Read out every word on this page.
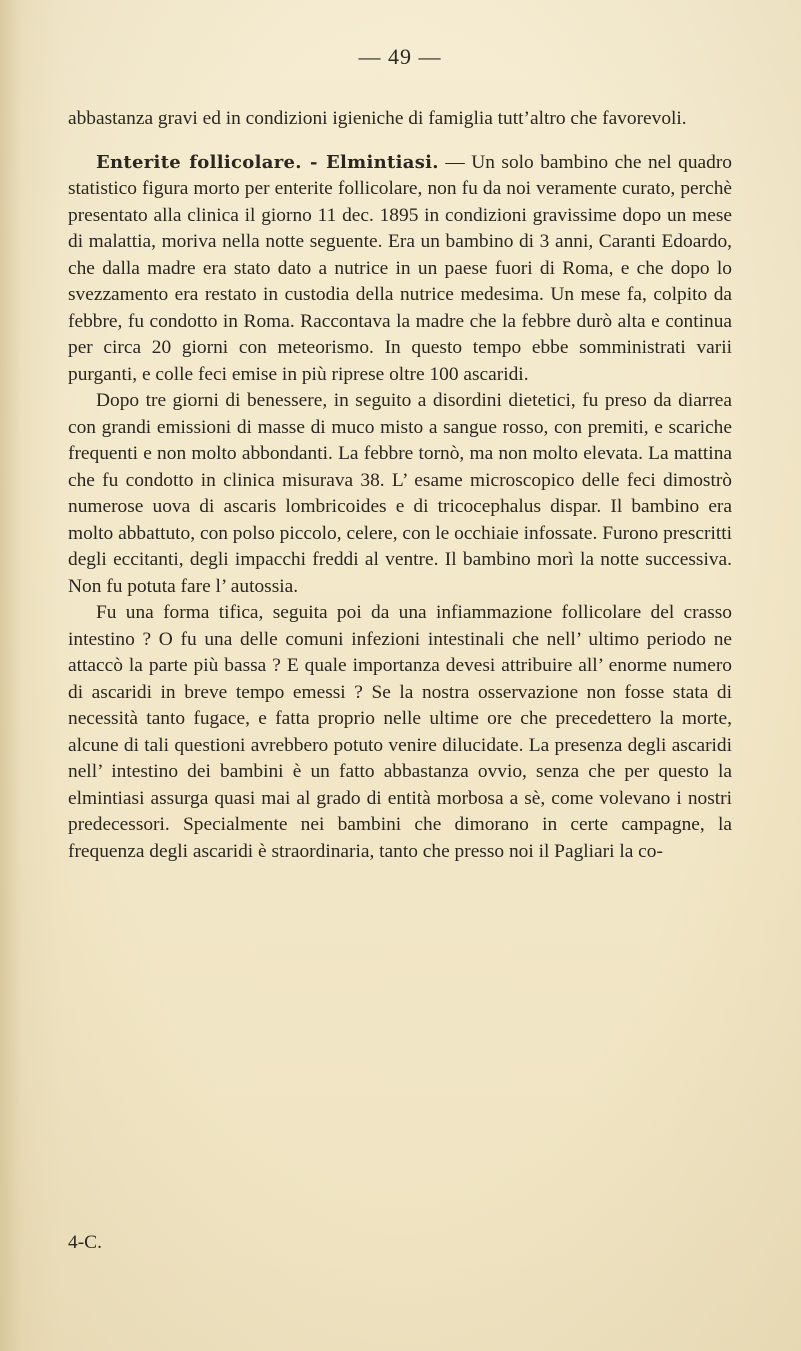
— 49 —

abbastanza gravi ed in condizioni igieniche di famiglia tutt’altro che favorevoli.

Enterite follicolare. - Elmintiasi. — Un solo bambino che nel quadro statistico figura morto per enterite follicolare, non fu da noi veramente curato, perchè presentato alla clinica il giorno 11 dec. 1895 in condizioni gravissime dopo un mese di malattia, moriva nella notte seguente. Era un bambino di 3 anni, Caranti Edoardo, che dalla madre era stato dato a nutrice in un paese fuori di Roma, e che dopo lo svezzamento era restato in custodia della nutrice medesima. Un mese fa, colpito da febbre, fu condotto in Roma. Raccontava la madre che la febbre durò alta e continua per circa 20 giorni con meteorismo. In questo tempo ebbe somministrati varii purganti, e colle feci emise in più riprese oltre 100 ascaridi.

Dopo tre giorni di benessere, in seguito a disordini dietetici, fu preso da diarrea con grandi emissioni di masse di muco misto a sangue rosso, con premiti, e scariche frequenti e non molto abbondanti. La febbre tornò, ma non molto elevata. La mattina che fu condotto in clinica misurava 38. L’ esame microscopico delle feci dimostrò numerose uova di ascaris lombricoides e di tricocephalus dispar. Il bambino era molto abbattuto, con polso piccolo, celere, con le occhiaie infossate. Furono prescritti degli eccitanti, degli impacchi freddi al ventre. Il bambino morì la notte successiva. Non fu potuta fare l’ autossia.

Fu una forma tifica, seguita poi da una infiammazione follicolare del crasso intestino ? O fu una delle comuni infezioni intestinali che nell’ ultimo periodo ne attaccò la parte più bassa ? E quale importanza devesi attribuire all’ enorme numero di ascaridi in breve tempo emessi ? Se la nostra osservazione non fosse stata di necessità tanto fugace, e fatta proprio nelle ultime ore che precedettero la morte, alcune di tali questioni avrebbero potuto venire dilucidate. La presenza degli ascaridi nell’ intestino dei bambini è un fatto abbastanza ovvio, senza che per questo la elmintiasi assurga quasi mai al grado di entità morbosa a sè, come volevano i nostri predecessori. Specialmente nei bambini che dimorano in certe campagne, la frequenza degli ascaridi è straordinaria, tanto che presso noi il Pagliari la co-

4-C.
